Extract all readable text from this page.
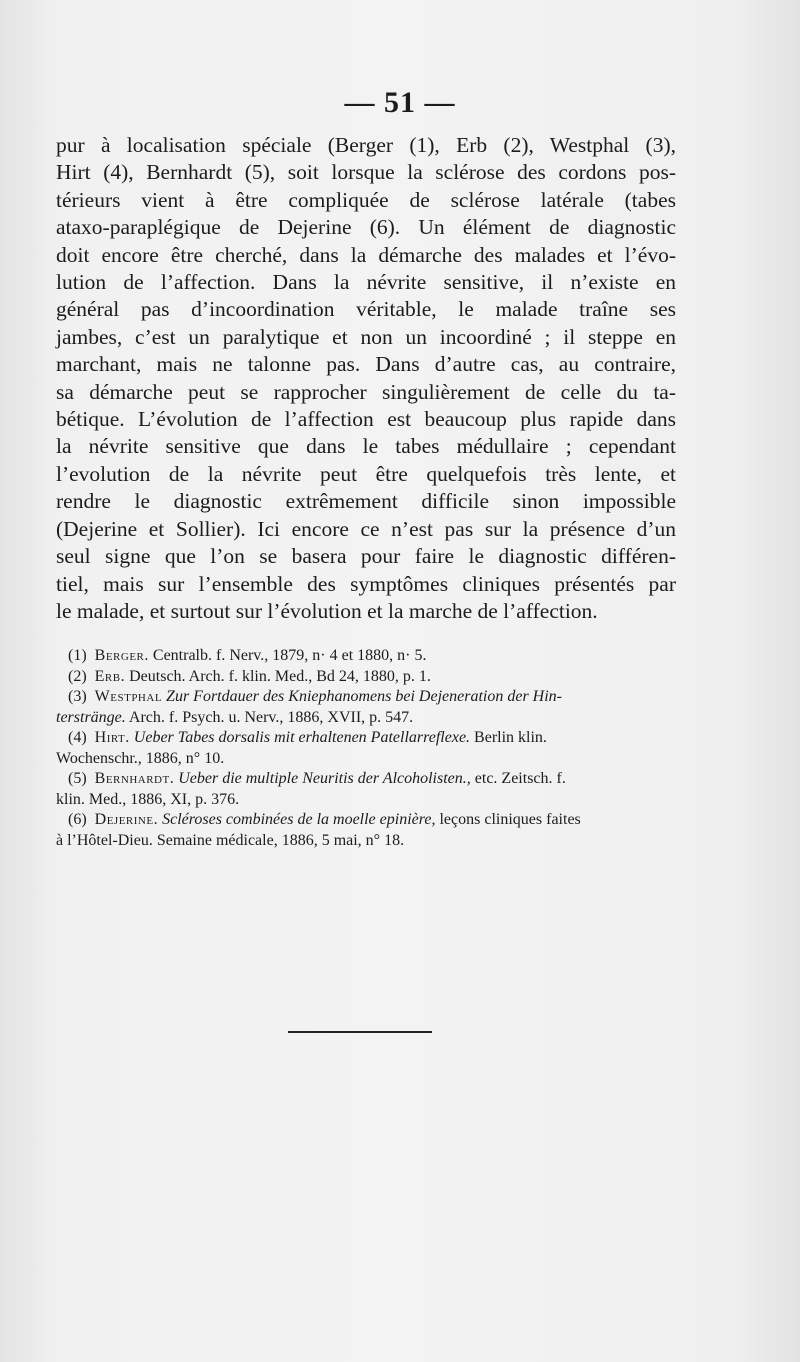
— 51 —
pur à localisation spéciale (Berger (1), Erb (2), Westphal (3),
Hirt (4), Bernhardt (5), soit lorsque la sclérose des cordons pos-
térieurs vient à être compliquée de sclérose latérale (tabes
ataxo-paraplégique de Dejerine (6). Un élément de diagnostic
doit encore être cherché, dans la démarche des malades et l’évo-
lution de l’affection. Dans la névrite sensitive, il n’existe en
général pas d’incoordination véritable, le malade traîne ses
jambes, c’est un paralytique et non un incoordiné ; il steppe en
marchant, mais ne talonne pas. Dans d’autre cas, au contraire,
sa démarche peut se rapprocher singulièrement de celle du ta-
bétique. L’évolution de l’affection est beaucoup plus rapide dans
la névrite sensitive que dans le tabes médullaire ; cependant
l’evolution de la névrite peut être quelquefois très lente, et
rendre le diagnostic extrêmement difficile sinon impossible
(Dejerine et Sollier). Ici encore ce n’est pas sur la présence d’un
seul signe que l’on se basera pour faire le diagnostic différen-
tiel, mais sur l’ensemble des symptômes cliniques présentés par
le malade, et surtout sur l’évolution et la marche de l’affection.
(1) Berger. Centralb. f. Nerv., 1879, n· 4 et 1880, n· 5.
(2) Erb. Deutsch. Arch. f. klin. Med., Bd 24, 1880, p. 1.
(3) Westphal Zur Fortdauer des Kniephanomens bei Dejeneration der Hin-
terstränge. Arch. f. Psych. u. Nerv., 1886, XVII, p. 547.
(4) Hirt. Ueber Tabes dorsalis mit erhaltenen Patellarreflexe. Berlin klin.
Wochenschr., 1886, n° 10.
(5) Bernhardt. Ueber die multiple Neuritis der Alcoholisten., etc. Zeitsch. f.
klin. Med., 1886, XI, p. 376.
(6) Dejerine. Scléroses combinées de la moelle epinière, leçons cliniques faites
à l’Hôtel-Dieu. Semaine médicale, 1886, 5 mai, n° 18.
